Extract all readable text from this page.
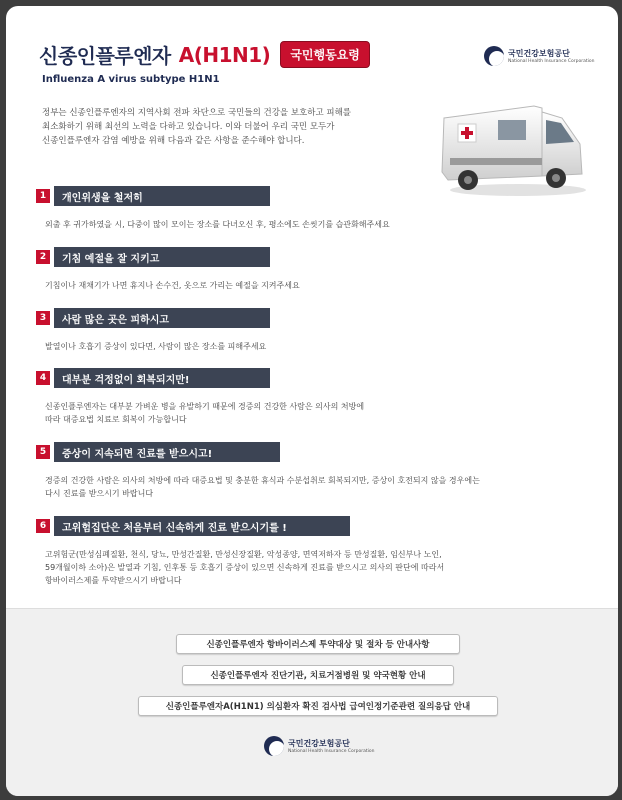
신종인플루엔자 A(H1N1)	국민행동요령
Influenza A virus subtype H1N1
국민건강보험공단
National Health Insurance Corporation
정부는 신종인플루엔자의 지역사회 전파 차단으로 국민들의 건강을 보호하고 피해를
최소화하기 위해 최선의 노력을 다하고 있습니다. 이와 더불어 우리 국민 모두가
신종인플루엔자 감염 예방을 위해 다음과 같은 사항을 준수해야 합니다.
1	개인위생을 철저히
외출 후 귀가하였을 시, 다중이 많이 모이는 장소를 다녀오신 후, 평소에도 손씻기를 습관화해주세요
2	기침 예절을 잘 지키고
기침이나 재채기가 나면 휴지나 손수건, 옷으로 가리는 예절을 지켜주세요
3	사람 많은 곳은 피하시고
발열이나 호흡기 증상이 있다면, 사람이 많은 장소를 피해주세요
4	대부분 걱정없이 회복되지만!
신종인플루엔자는 대부분 가벼운 병을 유발하기 때문에 경증의 건강한 사람은 의사의 처방에
따라 대증요법 치료로 회복이 가능합니다
5	증상이 지속되면 진료를 받으시고!
경증의 건강한 사람은 의사의 처방에 따라 대증요법 및 충분한 휴식과 수분섭취로 회복되지만, 증상이 호전되지 않을 경우에는
다시 진료를 받으시기 바랍니다
6	고위험집단은 처음부터 신속하게 진료 받으시기를 !
고위험군(만성심폐질환, 천식, 당뇨, 만성간질환, 만성신장질환, 악성종양, 면역저하자 등 만성질환, 임신부나 노인,
59개월이하 소아)은 발열과 기침, 인후통 등 호흡기 증상이 있으면 신속하게 진료를 받으시고 의사의 판단에 따라서
항바이러스제를 투약받으시기 바랍니다
신종인플루엔자 항바이러스제 투약대상 및 절차 등 안내사항
신종인플루엔자 진단기관, 치료거점병원 및 약국현황 안내
신종인플루엔자A(H1N1) 의심환자 확진 검사법 급여인정기준관련 질의응답 안내
국민건강보험공단
National Health Insurance Corporation
